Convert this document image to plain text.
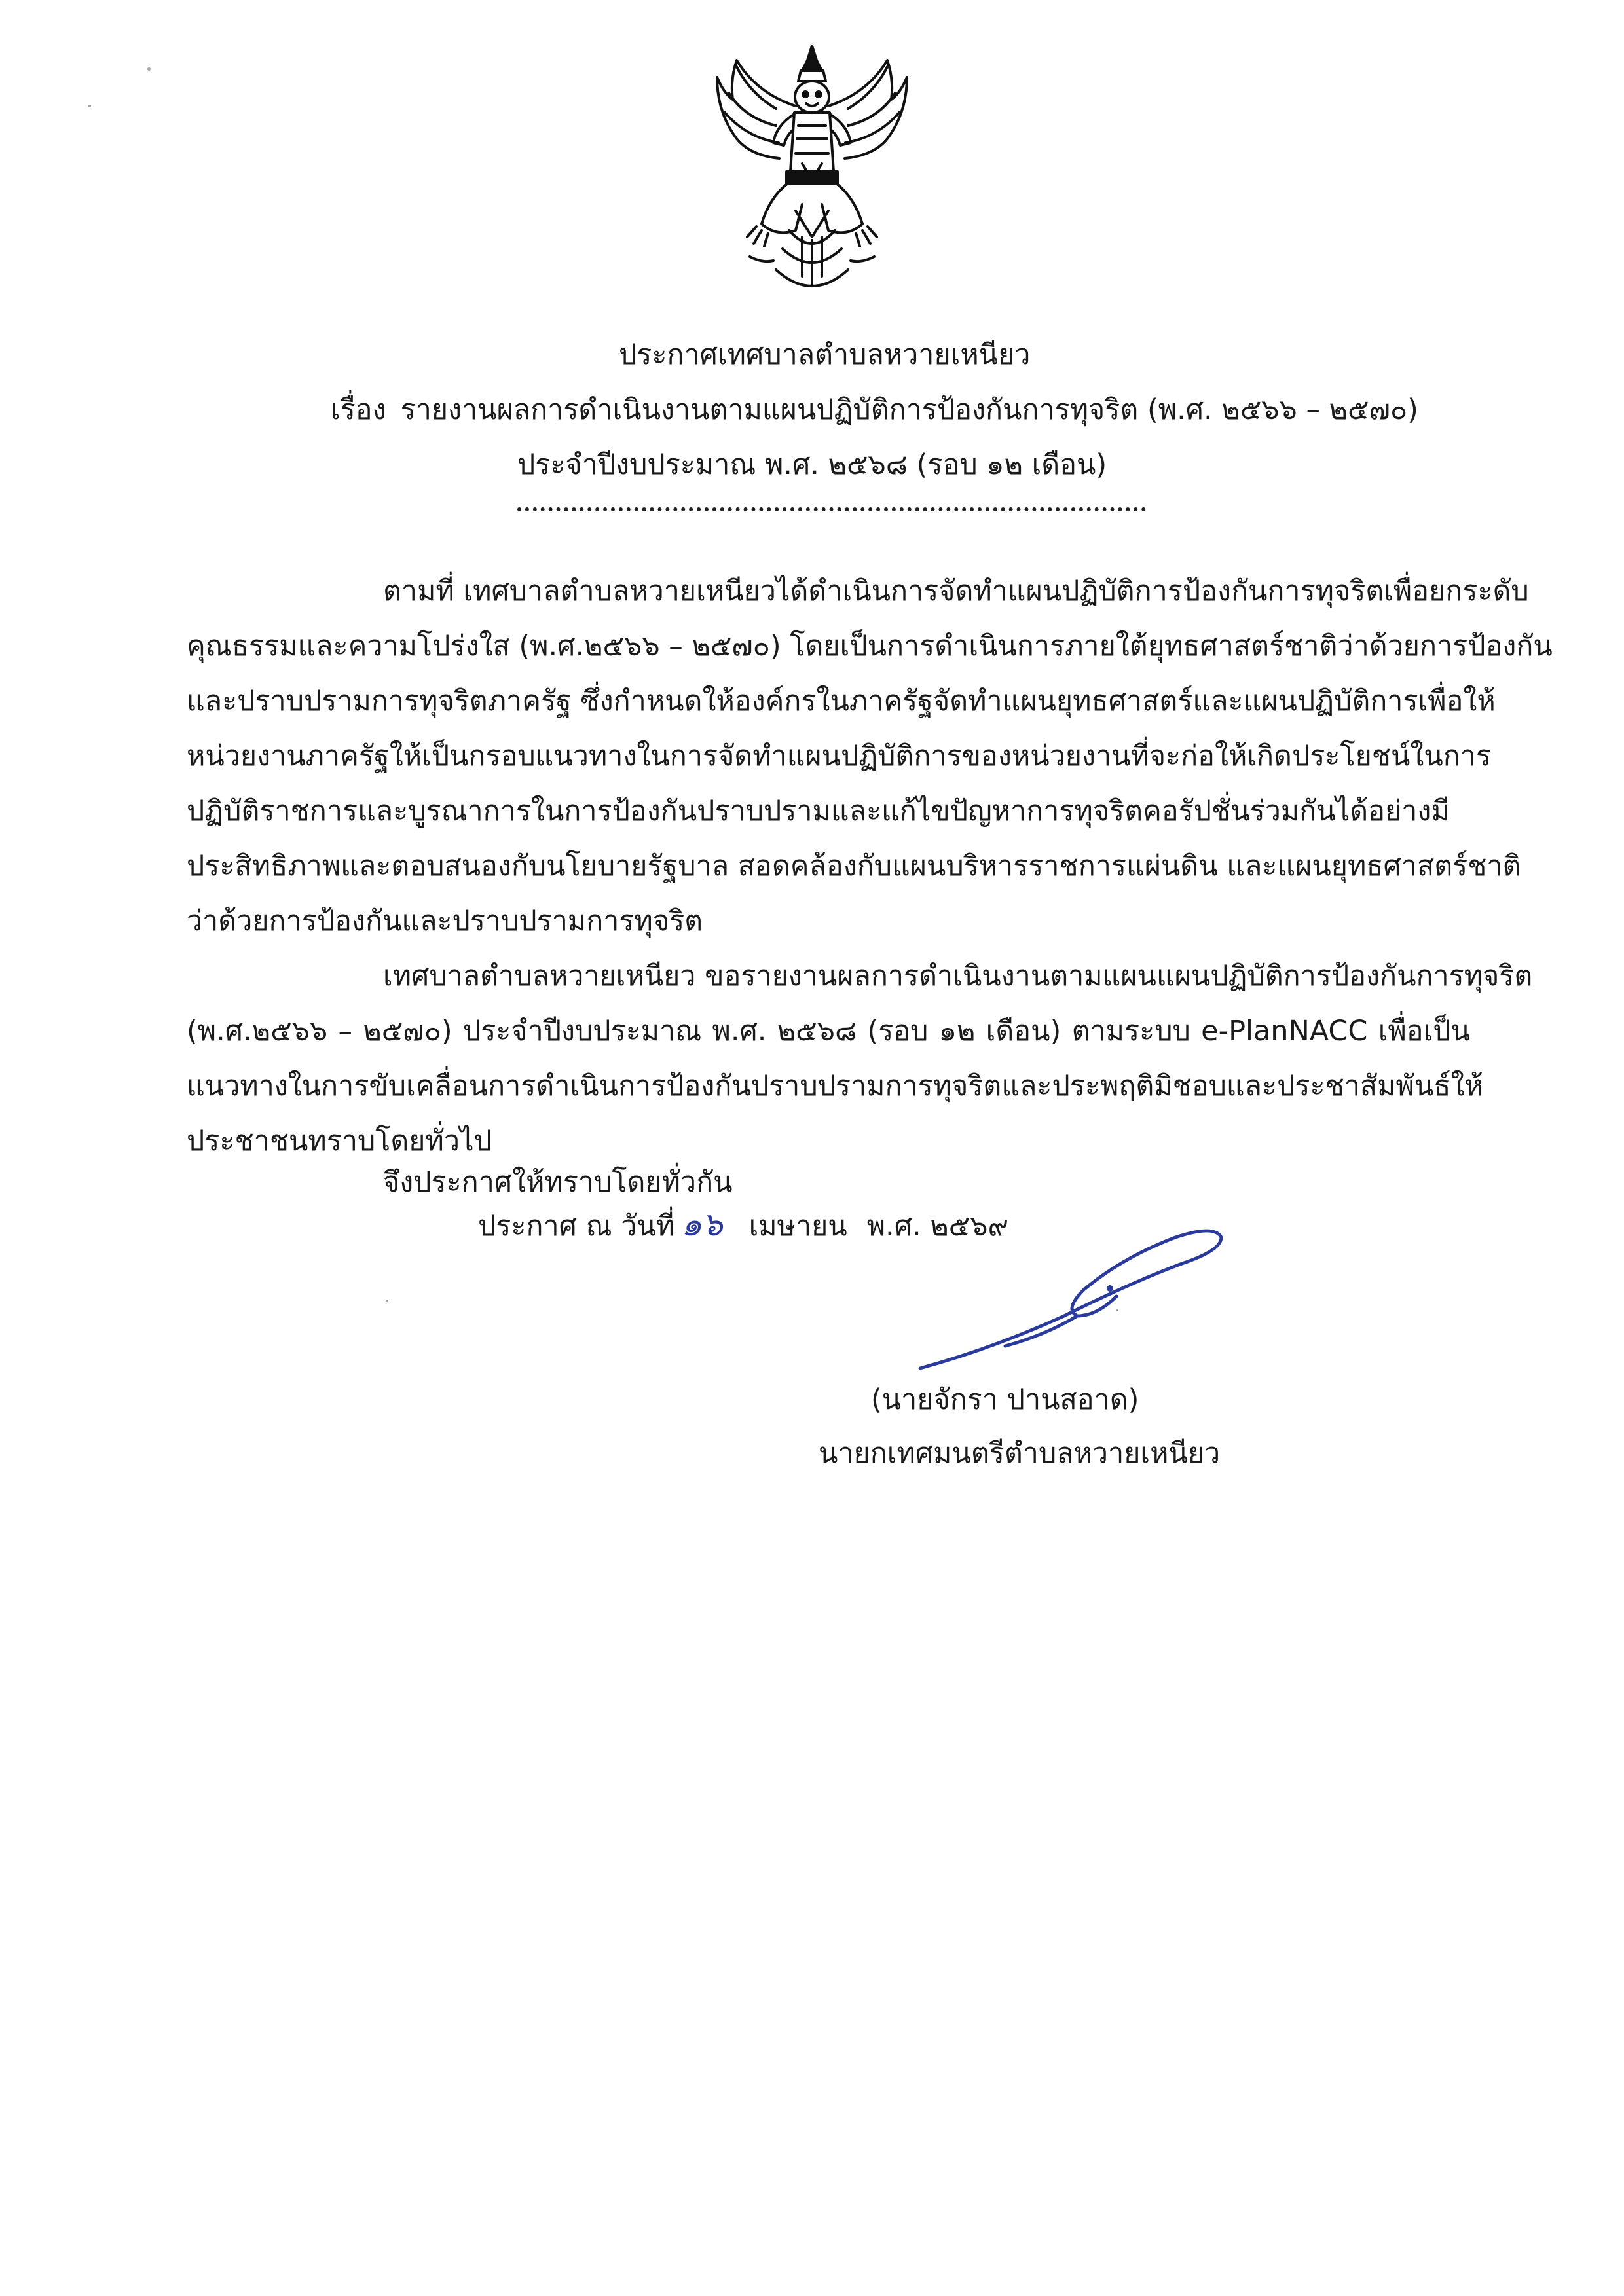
ประกาศเทศบาลตำบลหวายเหนียว
เรื่อง รายงานผลการดำเนินงานตามแผนปฏิบัติการป้องกันการทุจริต (พ.ศ. ๒๕๖๖ – ๒๕๗๐)
ประจำปีงบประมาณ พ.ศ. ๒๕๖๘ (รอบ ๑๒ เดือน)
ตามที่ เทศบาลตำบลหวายเหนียวได้ดำเนินการจัดทำแผนปฏิบัติการป้องกันการทุจริตเพื่อยกระดับ
คุณธรรมและความโปร่งใส (พ.ศ.๒๕๖๖ – ๒๕๗๐) โดยเป็นการดำเนินการภายใต้ยุทธศาสตร์ชาติว่าด้วยการป้องกัน
และปราบปรามการทุจริตภาครัฐ ซึ่งกำหนดให้องค์กรในภาครัฐจัดทำแผนยุทธศาสตร์และแผนปฏิบัติการเพื่อให้
หน่วยงานภาครัฐให้เป็นกรอบแนวทางในการจัดทำแผนปฏิบัติการของหน่วยงานที่จะก่อให้เกิดประโยชน์ในการ
ปฏิบัติราชการและบูรณาการในการป้องกันปราบปรามและแก้ไขปัญหาการทุจริตคอรัปชั่นร่วมกันได้อย่างมี
ประสิทธิภาพและตอบสนองกับนโยบายรัฐบาล สอดคล้องกับแผนบริหารราชการแผ่นดิน และแผนยุทธศาสตร์ชาติ
ว่าด้วยการป้องกันและปราบปรามการทุจริต
เทศบาลตำบลหวายเหนียว ขอรายงานผลการดำเนินงานตามแผนแผนปฏิบัติการป้องกันการทุจริต
(พ.ศ.๒๕๖๖ – ๒๕๗๐) ประจำปีงบประมาณ พ.ศ. ๒๕๖๘ (รอบ ๑๒ เดือน) ตามระบบ e-PlanNACC เพื่อเป็น
แนวทางในการขับเคลื่อนการดำเนินการป้องกันปราบปรามการทุจริตและประพฤติมิชอบและประชาสัมพันธ์ให้
ประชาชนทราบโดยทั่วไป
จึงประกาศให้ทราบโดยทั่วกัน
ประกาศ ณ วันที่ ๑๖ เมษายน พ.ศ. ๒๕๖๙
(นายจักรา ปานสอาด)
นายกเทศมนตรีตำบลหวายเหนียว
